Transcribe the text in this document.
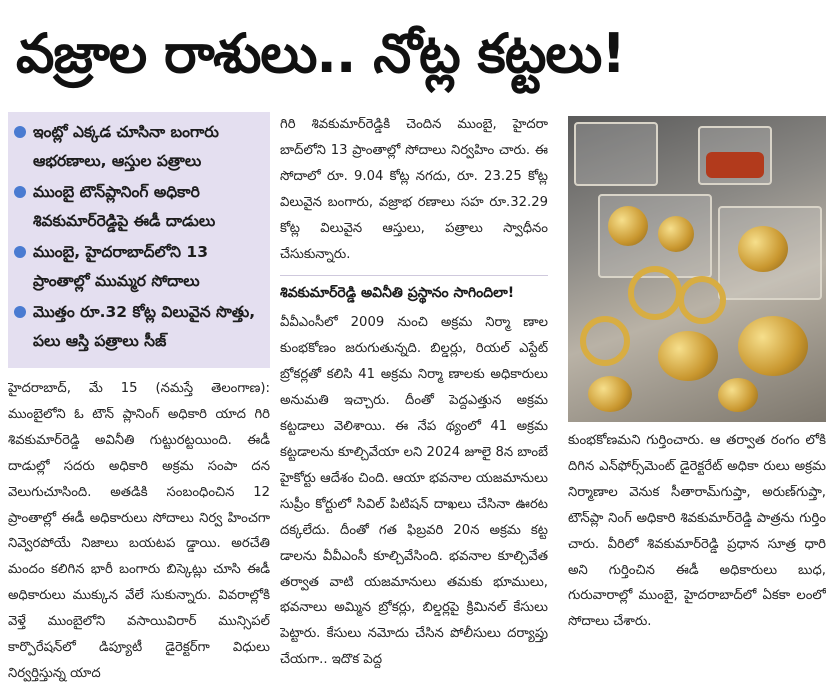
వజ్రాల రాశులు.. నోట్ల కట్టలు!
ఇంట్లో ఎక్కడ చూసినా బంగారు ఆభరణాలు, ఆస్తుల పత్రాలు
ముంబై టౌన్‌ప్లానింగ్ అధికారి శివకుమార్‌రెడ్డిపై ఈడీ దాడులు
ముంబై, హైదరాబాద్‌లోని 13 ప్రాంతాల్లో ముమ్మర సోదాలు
మొత్తం రూ.32 కోట్ల విలువైన సొత్తు, పలు ఆస్తి పత్రాలు సీజ్
హైదరాబాద్, మే 15 (నమస్తే తెలంగాణ): ముంబైలోని ఓ టౌన్ ప్లానింగ్ అధికారి యాద గిరి శివకుమార్‌రెడ్డి అవినీతి గుట్టురట్టయింది. ఈడీ దాడుల్లో సదరు అధికారి అక్రమ సంపా దన వెలుగుచూసింది. అతడికి సంబంధించిన 12 ప్రాంతాల్లో ఈడీ అధికారులు సోదాలు నిర్వ హించగా నివ్వెరపోయే నిజాలు బయటప డ్డాయి. అరచేతి మందం కలిగిన భారీ బంగారు బిస్కెట్లు చూసి ఈడీ అధికారులు ముక్కున వేలే సుకున్నారు. వివరాల్లోకి వెళ్తే ముంబైలోని వసాయివిరార్ మున్సిపల్ కార్పొరేషన్‌లో డిప్యూటీ డైరెక్టర్‌గా విధులు నిర్వర్తిస్తున్న యాద
గిరి శివకుమార్‌రెడ్డికి చెందిన ముంబై, హైదరా బాద్‌లోని 13 ప్రాంతాల్లో సోదాలు నిర్వహిం చారు. ఈ సోదాలో రూ. 9.04 కోట్ల నగదు, రూ. 23.25 కోట్ల విలువైన బంగారు, వజ్రాభ రణాలు సహ రూ.32.29 కోట్ల విలువైన ఆస్తులు, పత్రాలు స్వాధీనం చేసుకున్నారు.
శివకుమార్‌రెడ్డి అవినీతి ప్రస్థానం సాగిందిలా!
వీవీఎంసీలో 2009 నుంచి అక్రమ నిర్మా ణాల కుంభకోణం జరుగుతున్నది. బిల్డర్లు, రియల్ ఎస్టేట్ బ్రోకర్లతో కలిసి 41 అక్రమ నిర్మా ణాలకు అధికారులు అనుమతి ఇచ్చారు. దీంతో పెద్దఎత్తున అక్రమ కట్టడాలు వెలిశాయి. ఈ నేప థ్యంలో 41 అక్రమ కట్టడాలను కూల్చివేయా లని 2024 జూలై 8న బాంబే హైకోర్టు ఆదేశం చింది. ఆయా భవనాల యజమానులు సుప్రీం కోర్టులో సివిల్ పిటిషన్ దాఖలు చేసినా ఊరట దక్కలేదు. దీంతో గత ఫిబ్రవరి 20న అక్రమ కట్ట డాలను వీవీఎంసీ కూల్చివేసింది. భవనాల కూల్చివేత తర్వాత వాటి యజమానులు తమకు భూములు, భవనాలు అమ్మిన బ్రోకర్లు, బిల్డర్లపై క్రిమినల్ కేసులు పెట్టారు. కేసులు నమోదు చేసిన పోలీసులు దర్యాప్తు చేయగా.. ఇదొక పెద్ద
కుంభకోణమని గుర్తించారు. ఆ తర్వాత రంగం లోకి దిగిన ఎన్‌ఫోర్స్‌మెంట్ డైరెక్టరేట్ అధికా రులు అక్రమ నిర్మాణాల వెనుక సీతారామ్‌గుప్తా, అరుణ్‌గుప్తా, టౌన్‌ప్లా నింగ్ అధికారి శివకుమార్‌రెడ్డి పాత్రను గుర్తిం చారు. వీరిలో శివకుమార్‌రెడ్డి ప్రధాన సూత్ర ధారి అని గుర్తించిన ఈడీ అధికారులు బుధ, గురువారాల్లో ముంబై, హైదరాబాద్‌లో ఏకకా లంలో సోదాలు చేశారు.
